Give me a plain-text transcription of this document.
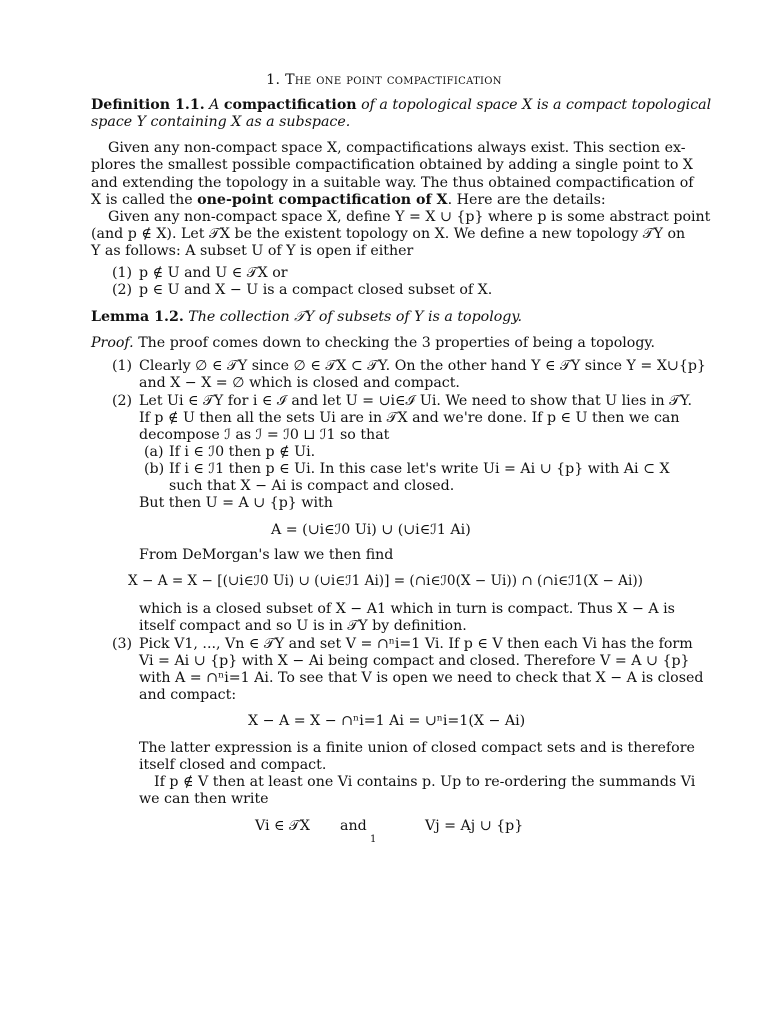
1. The one point compactification
Definition 1.1. A compactification of a topological space X is a compact topological
space Y containing X as a subspace.
Given any non-compact space X, compactifications always exist. This section ex-
plores the smallest possible compactification obtained by adding a single point to X
and extending the topology in a suitable way. The thus obtained compactification of
X is called the one-point compactification of X. Here are the details:
Given any non-compact space X, define Y = X ∪ {p} where p is some abstract point
(and p ∉ X). Let 𝒯X be the existent topology on X. We define a new topology 𝒯Y on
Y as follows: A subset U of Y is open if either
(1) p ∉ U and U ∈ 𝒯X or
(2) p ∈ U and X − U is a compact closed subset of X.
Lemma 1.2. The collection 𝒯Y of subsets of Y is a topology.
Proof. The proof comes down to checking the 3 properties of being a topology.
(1) Clearly ∅ ∈ 𝒯Y since ∅ ∈ 𝒯X ⊂ 𝒯Y. On the other hand Y ∈ 𝒯Y since Y = X∪{p}
and X − X = ∅ which is closed and compact.
(2) Let Ui ∈ 𝒯Y for i ∈ ℐ and let U = ∪i∈ℐ Ui. We need to show that U lies in 𝒯Y.
If p ∉ U then all the sets Ui are in 𝒯X and we're done. If p ∈ U then we can
decompose ℐ as ℐ = ℐ0 ⊔ ℐ1 so that
(a) If i ∈ ℐ0 then p ∉ Ui.
(b) If i ∈ ℐ1 then p ∈ Ui. In this case let's write Ui = Ai ∪ {p} with Ai ⊂ X
such that X − Ai is compact and closed.
But then U = A ∪ {p} with
A = (∪i∈ℐ0 Ui) ∪ (∪i∈ℐ1 Ai)
From DeMorgan's law we then find
X − A = X − [(∪i∈ℐ0 Ui) ∪ (∪i∈ℐ1 Ai)] = (∩i∈ℐ0(X − Ui)) ∩ (∩i∈ℐ1(X − Ai))
which is a closed subset of X − A1 which in turn is compact. Thus X − A is
itself compact and so U is in 𝒯Y by definition.
(3) Pick V1, ..., Vn ∈ 𝒯Y and set V = ∩ⁿi=1 Vi. If p ∈ V then each Vi has the form
Vi = Ai ∪ {p} with X − Ai being compact and closed. Therefore V = A ∪ {p}
with A = ∩ⁿi=1 Ai. To see that V is open we need to check that X − A is closed
and compact:
X − A = X − ∩ⁿi=1 Ai = ∪ⁿi=1(X − Ai)
The latter expression is a finite union of closed compact sets and is therefore
itself closed and compact.
If p ∉ V then at least one Vi contains p. Up to re-ordering the summands Vi
we can then write
Vi ∈ 𝒯X and	Vj = Aj ∪ {p}
1
